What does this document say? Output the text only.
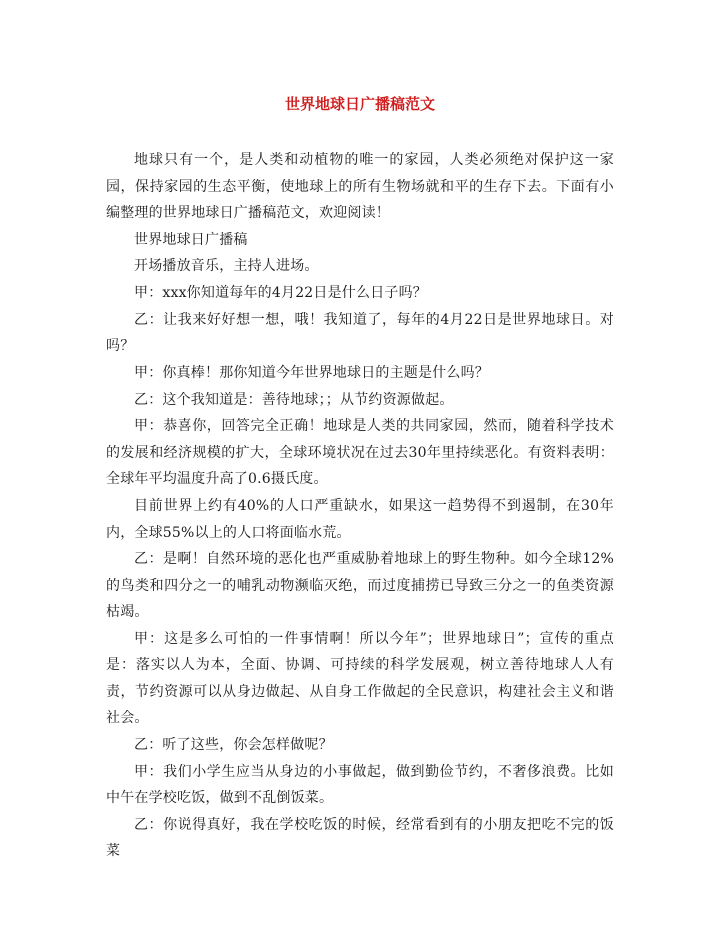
世界地球日广播稿范文

地球只有一个，是人类和动植物的唯一的家园，人类必须绝对保护这一家园，保持家园的生态平衡，使地球上的所有生物场就和平的生存下去。下面有小编整理的世界地球日广播稿范文，欢迎阅读！

世界地球日广播稿

开场播放音乐，主持人进场。

甲：xxx你知道每年的4月22日是什么日子吗？

乙：让我来好好想一想，哦！我知道了，每年的4月22日是世界地球日。对吗？

甲：你真棒！那你知道今年世界地球日的主题是什么吗？

乙：这个我知道是：善待地球；；从节约资源做起。

甲：恭喜你，回答完全正确！地球是人类的共同家园，然而，随着科学技术的发展和经济规模的扩大，全球环境状况在过去30年里持续恶化。有资料表明：全球年平均温度升高了0.6摄氏度。

目前世界上约有40%的人口严重缺水，如果这一趋势得不到遏制，在30年内，全球55%以上的人口将面临水荒。

乙：是啊！自然环境的恶化也严重威胁着地球上的野生物种。如今全球12%的鸟类和四分之一的哺乳动物濒临灭绝，而过度捕捞已导致三分之一的鱼类资源枯竭。

甲：这是多么可怕的一件事情啊！所以今年”；世界地球日”；宣传的重点是：落实以人为本，全面、协调、可持续的科学发展观，树立善待地球人人有责，节约资源可以从身边做起、从自身工作做起的全民意识，构建社会主义和谐社会。

乙：听了这些，你会怎样做呢？

甲：我们小学生应当从身边的小事做起，做到勤俭节约，不奢侈浪费。比如中午在学校吃饭，做到不乱倒饭菜。

乙：你说得真好，我在学校吃饭的时候，经常看到有的小朋友把吃不完的饭菜
